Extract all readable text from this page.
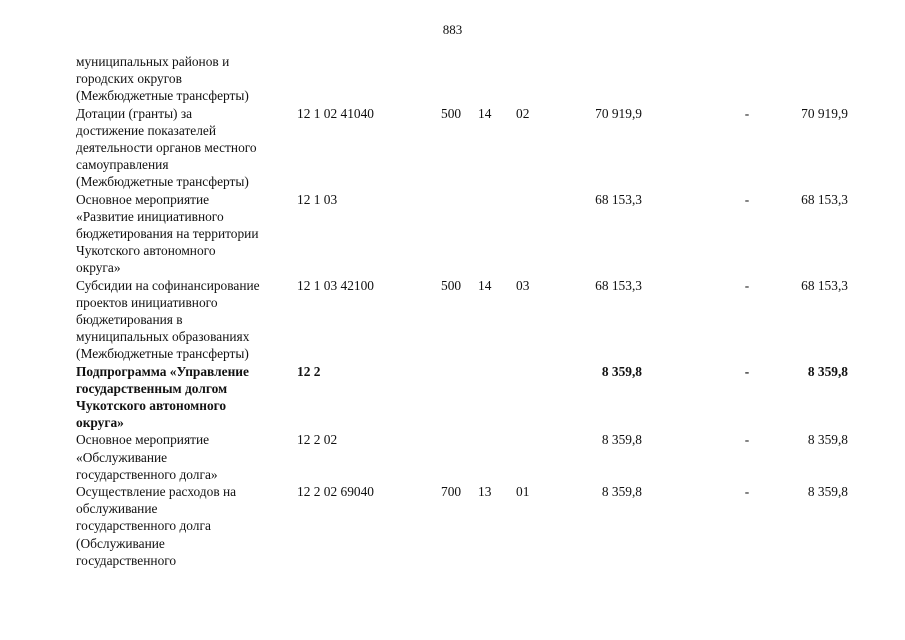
883
муниципальных районов и
городских округов
(Межбюджетные трансферты)
Дотации (гранты) за
достижение показателей
деятельности органов местного
самоуправления
(Межбюджетные трансферты)
12 1 02 41040	500 14 02	70 919,9	-	70 919,9
Основное мероприятие
«Развитие инициативного
бюджетирования на территории
Чукотского автономного
округа»
12 1 03	68 153,3	-	68 153,3
Субсидии на софинансирование
проектов инициативного
бюджетирования в
муниципальных образованиях
(Межбюджетные трансферты)
12 1 03 42100	500 14 03	68 153,3	-	68 153,3
Подпрограмма «Управление
государственным долгом
Чукотского автономного
округа»
12 2	8 359,8	-	8 359,8
Основное мероприятие
«Обслуживание
государственного долга»
12 2 02	8 359,8	-	8 359,8
Осуществление расходов на
обслуживание
государственного долга
(Обслуживание
государственного
12 2 02 69040	700 13 01	8 359,8	-	8 359,8
